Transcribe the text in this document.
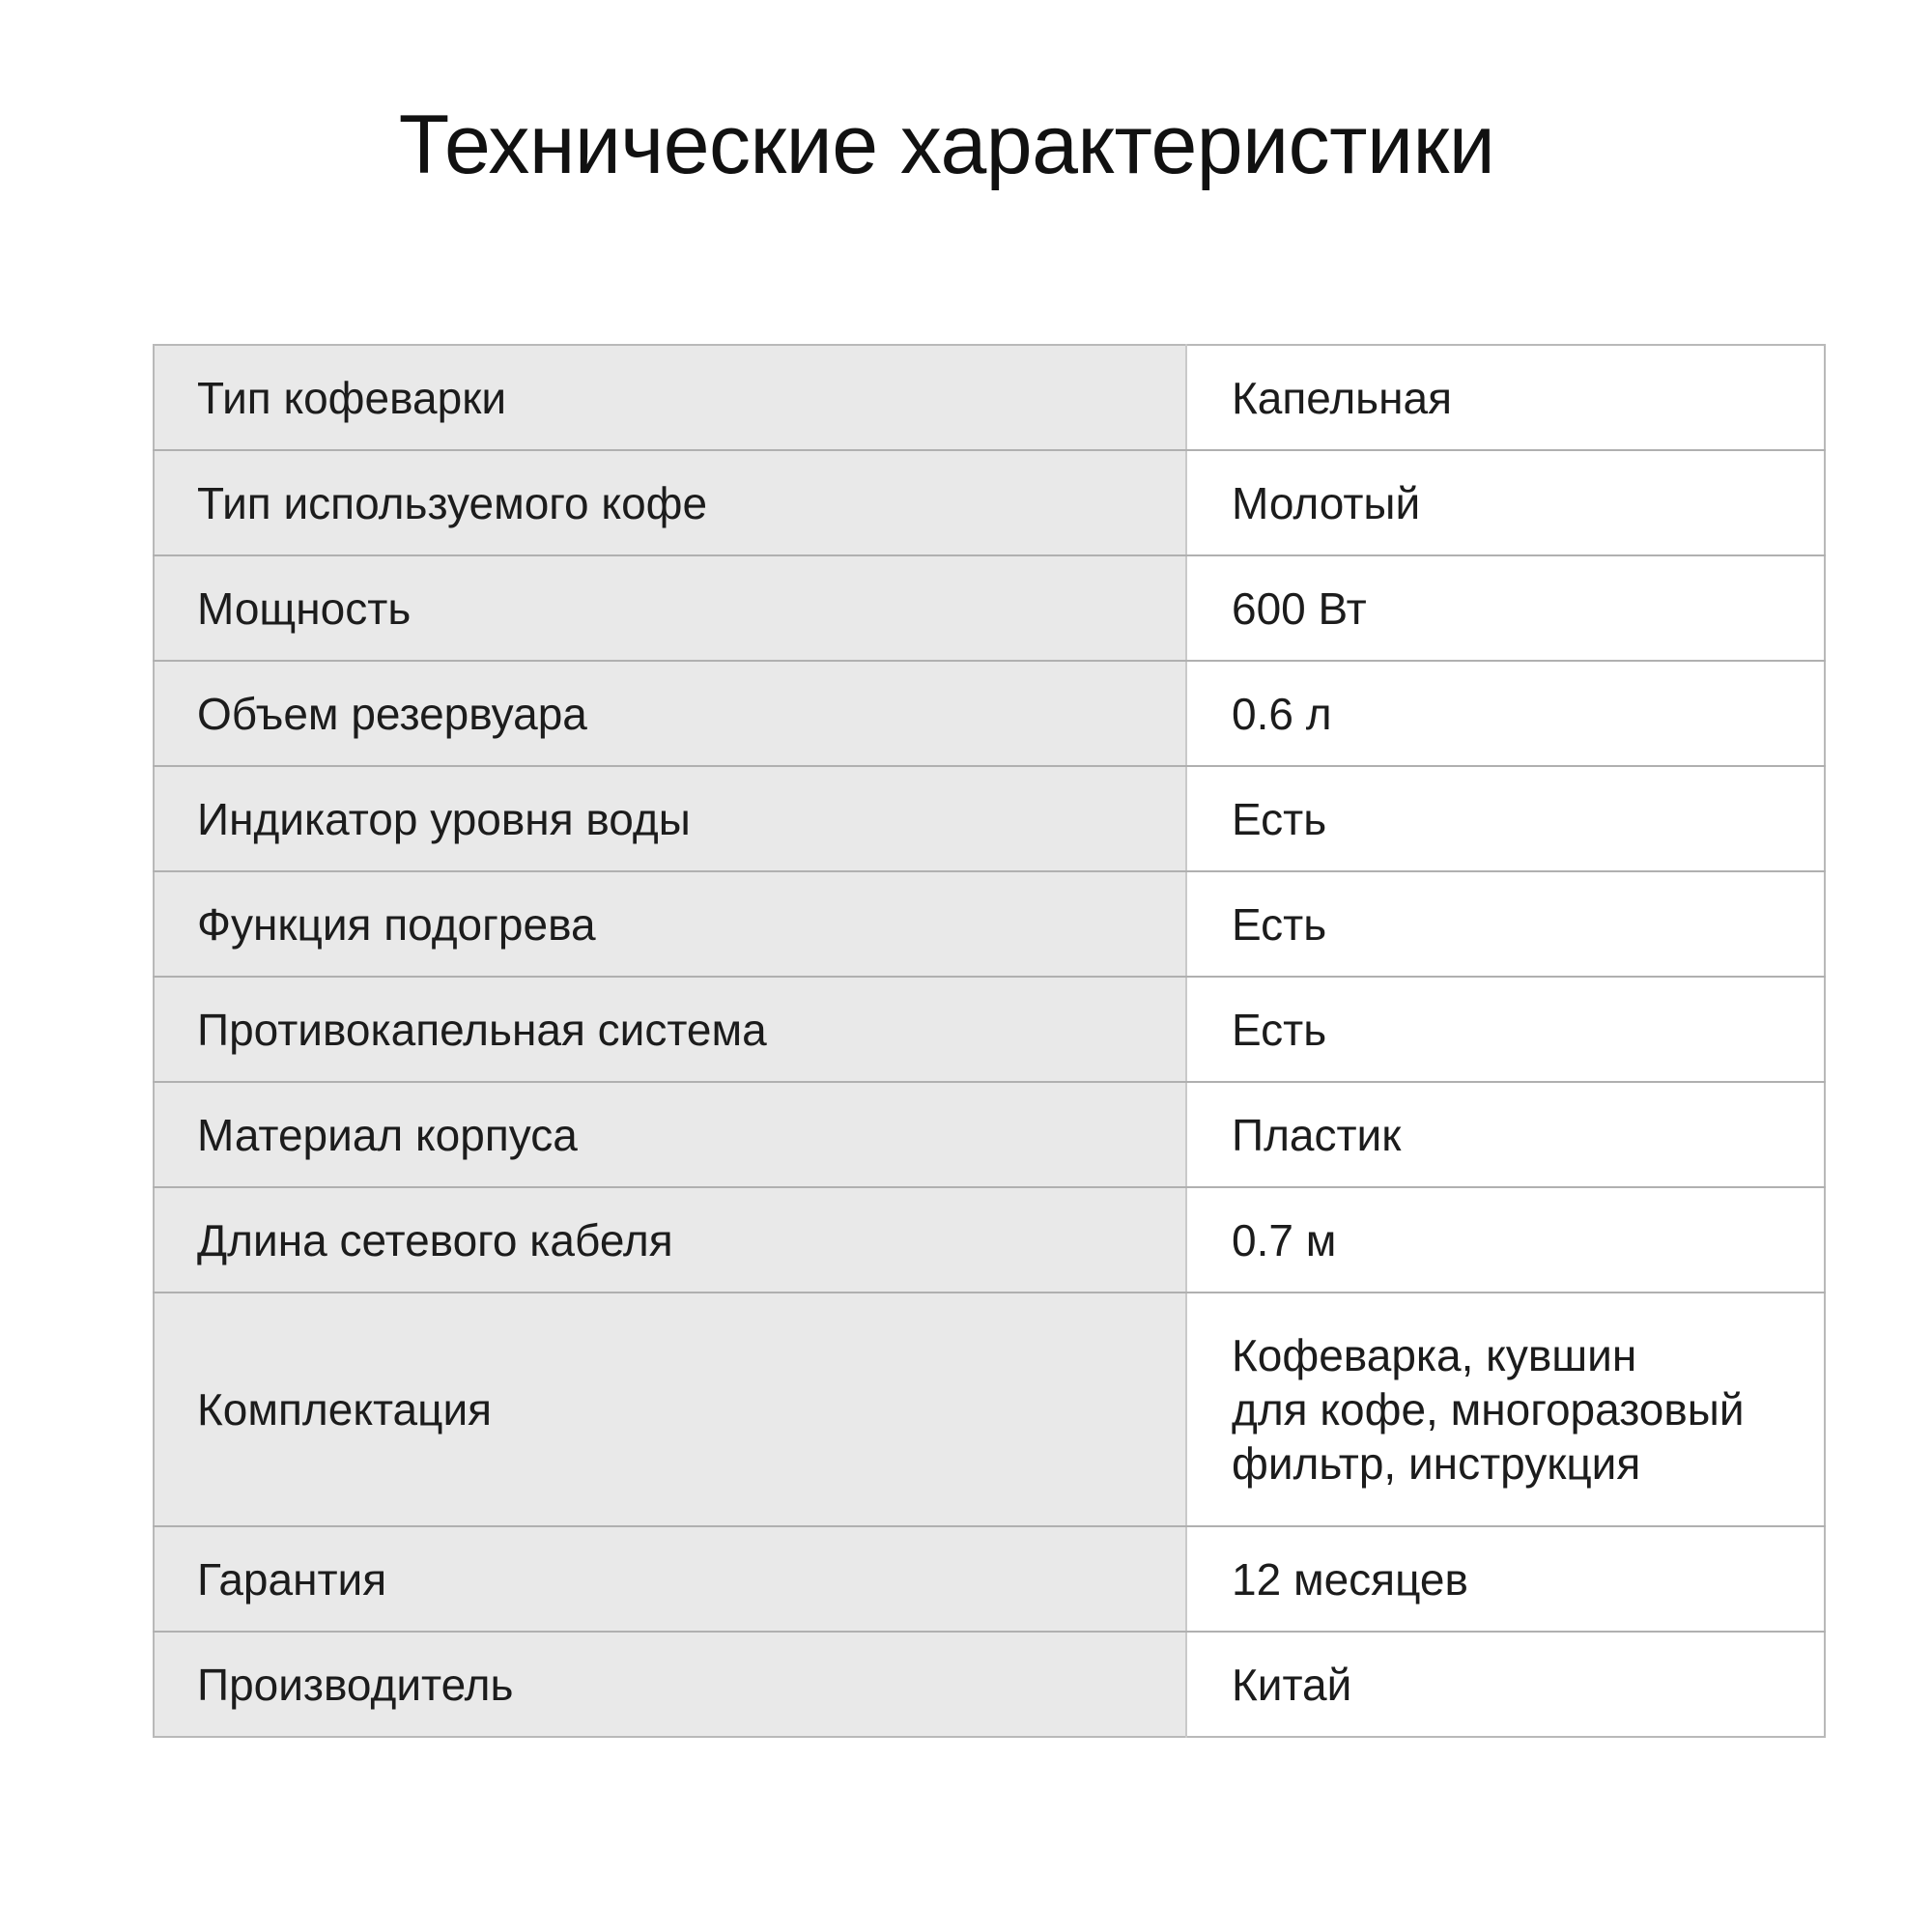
Технические характеристики
Тип кофеварки	Капельная
Тип используемого кофе	Молотый
Мощность	600 Вт
Объем резервуара	0.6 л
Индикатор уровня воды	Есть
Функция подогрева	Есть
Противокапельная система	Есть
Материал корпуса	Пластик
Длина сетевого кабеля	0.7 м
Комплектация	Кофеварка, кувшин
для кофе, многоразовый
фильтр, инструкция
Гарантия	12 месяцев
Производитель	Китай
